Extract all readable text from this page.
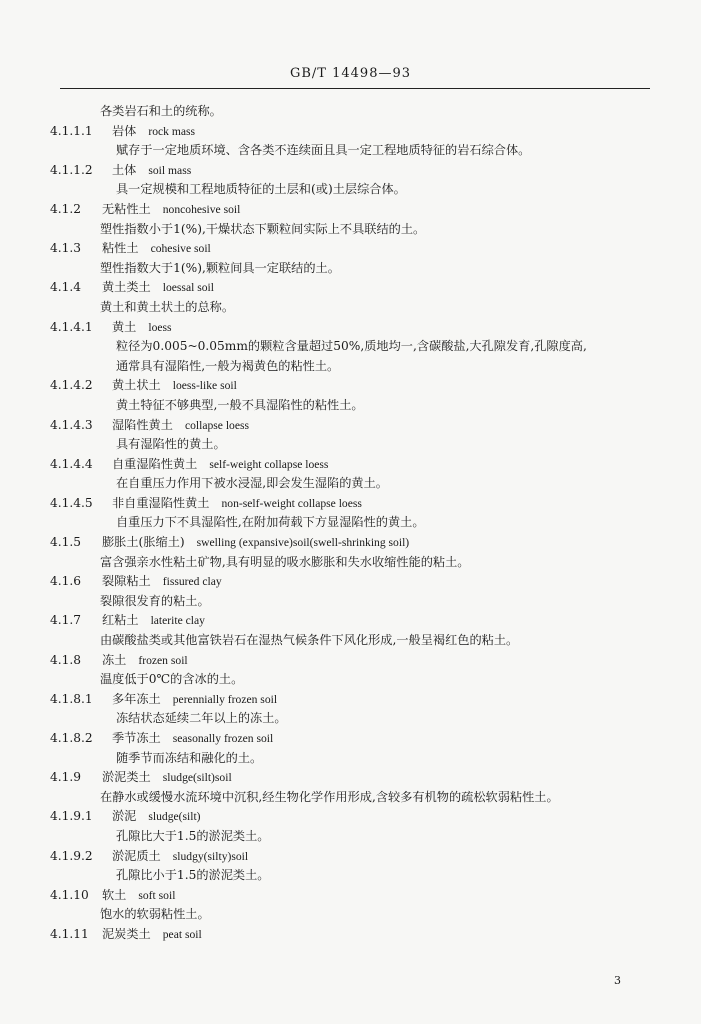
GB/T 14498—93
各类岩石和土的统称。
4.1.1.1 岩体 rock mass
赋存于一定地质环境、含各类不连续面且具一定工程地质特征的岩石综合体。
4.1.1.2 土体 soil mass
具一定规模和工程地质特征的土层和(或)土层综合体。
4.1.2 无粘性土 noncohesive soil
塑性指数小于1(%),干燥状态下颗粒间实际上不具联结的土。
4.1.3 粘性土 cohesive soil
塑性指数大于1(%),颗粒间具一定联结的土。
4.1.4 黄土类土 loessal soil
黄土和黄土状土的总称。
4.1.4.1 黄土 loess
粒径为0.005~0.05mm的颗粒含量超过50%,质地均一,含碳酸盐,大孔隙发育,孔隙度高,
通常具有湿陷性,一般为褐黄色的粘性土。
4.1.4.2 黄土状土 loess-like soil
黄土特征不够典型,一般不具湿陷性的粘性土。
4.1.4.3 湿陷性黄土 collapse loess
具有湿陷性的黄土。
4.1.4.4 自重湿陷性黄土 self-weight collapse loess
在自重压力作用下被水浸湿,即会发生湿陷的黄土。
4.1.4.5 非自重湿陷性黄土 non-self-weight collapse loess
自重压力下不具湿陷性,在附加荷载下方显湿陷性的黄土。
4.1.5 膨胀土(胀缩土) swelling (expansive)soil(swell-shrinking soil)
富含强亲水性粘土矿物,具有明显的吸水膨胀和失水收缩性能的粘土。
4.1.6 裂隙粘土 fissured clay
裂隙很发育的粘土。
4.1.7 红粘土 laterite clay
由碳酸盐类或其他富铁岩石在湿热气候条件下风化形成,一般呈褐红色的粘土。
4.1.8 冻土 frozen soil
温度低于0℃的含冰的土。
4.1.8.1 多年冻土 perennially frozen soil
冻结状态延续二年以上的冻土。
4.1.8.2 季节冻土 seasonally frozen soil
随季节而冻结和融化的土。
4.1.9 淤泥类土 sludge(silt)soil
在静水或缓慢水流环境中沉积,经生物化学作用形成,含较多有机物的疏松软弱粘性土。
4.1.9.1 淤泥 sludge(silt)
孔隙比大于1.5的淤泥类土。
4.1.9.2 淤泥质土 sludgy(silty)soil
孔隙比小于1.5的淤泥类土。
4.1.10 软土 soft soil
饱水的软弱粘性土。
4.1.11 泥炭类土 peat soil
3
